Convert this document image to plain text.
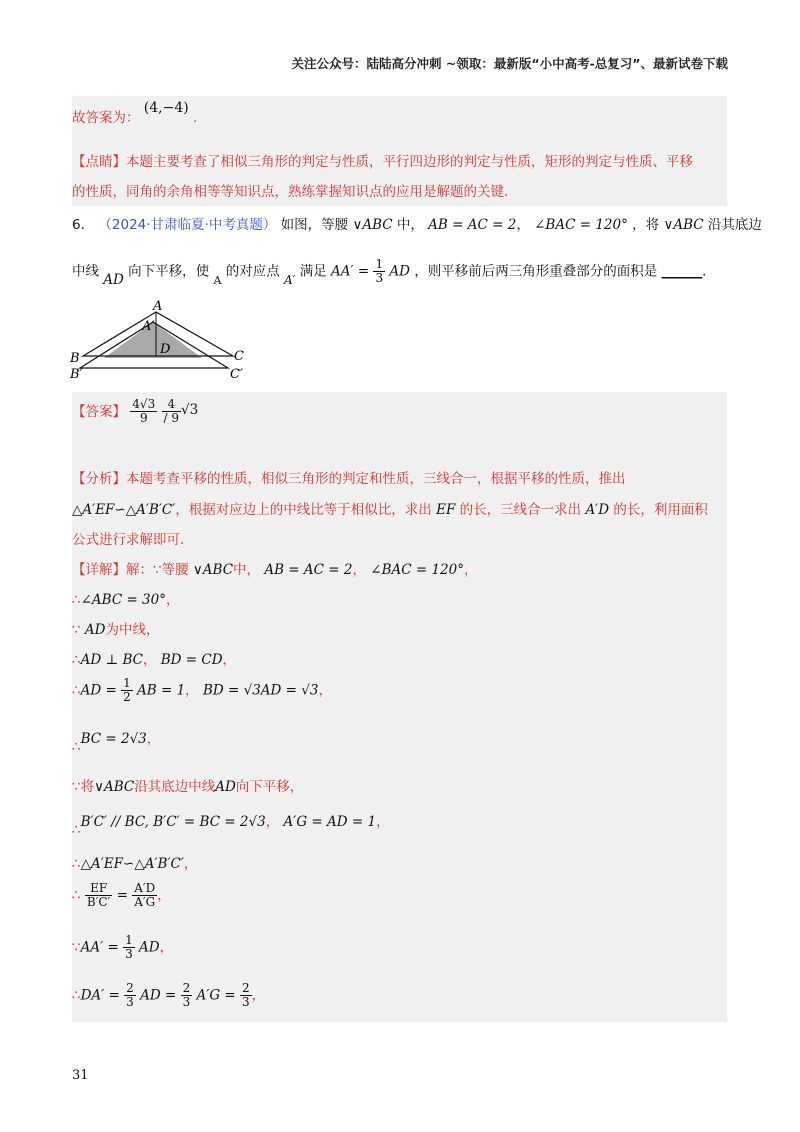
关注公众号：陆陆高分冲刺 ~领取：最新版“小中高考-总复习”、最新试卷下载
故答案为： (4,−4) .
【点睛】本题主要考查了相似三角形的判定与性质，平行四边形的判定与性质，矩形的判定与性质、平移
的性质，同角的余角相等等知识点，熟练掌握知识点的应用是解题的关键.
6． （2024·甘肃临夏·中考真题） 如图，等腰 ∨ABC 中， AB = AC = 2， ∠BAC = 120° ，将 ∨ABC 沿其底边
中线 AD 向下平移，使 $_A$ 的对应点 A′ 满足 $AA' = \frac{1}{3}$ AD ，则平移前后两三角形重叠部分的面积是 ______.
A
A′
D
B
B′
C
C′
【答案】 $\frac{4√3}{9}$
$\frac{4}{/ 9} √3$
【分析】本题考查平移的性质，相似三角形的判定和性质，三线合一，根据平移的性质，推出
△A′EF∽△A′B′C′，根据对应边上的中线比等于相似比，求出 EF 的长，三线合一求出 A′D 的长，利用面积
公式进行求解即可.
【详解】解：∵等腰 ∨ABC中， AB = AC = 2， ∠BAC = 120°，
∴∠ABC = 30°，
∵ AD为中线，
∴AD ⊥ BC， BD = CD，
∴AD = $\frac{1}{2}$ AB = 1， BD = √3AD = √3，
∴BC = 2√3，
∵将∨ABC沿其底边中线AD向下平移，
∴B′C′ // BC, B′C′ = BC = 2√3， A′G = AD = 1，
∴△A′EF∽△A′B′C′，
∴ $\frac{EF}{B'C'} = \frac{A'D}{A'G}$ ，
∵AA′ = $\frac{1}{3}$ AD，
∴DA′ = $\frac{2}{3}$ AD = $\frac{2}{3} A'G = \frac{2}{3}$ ，
31
